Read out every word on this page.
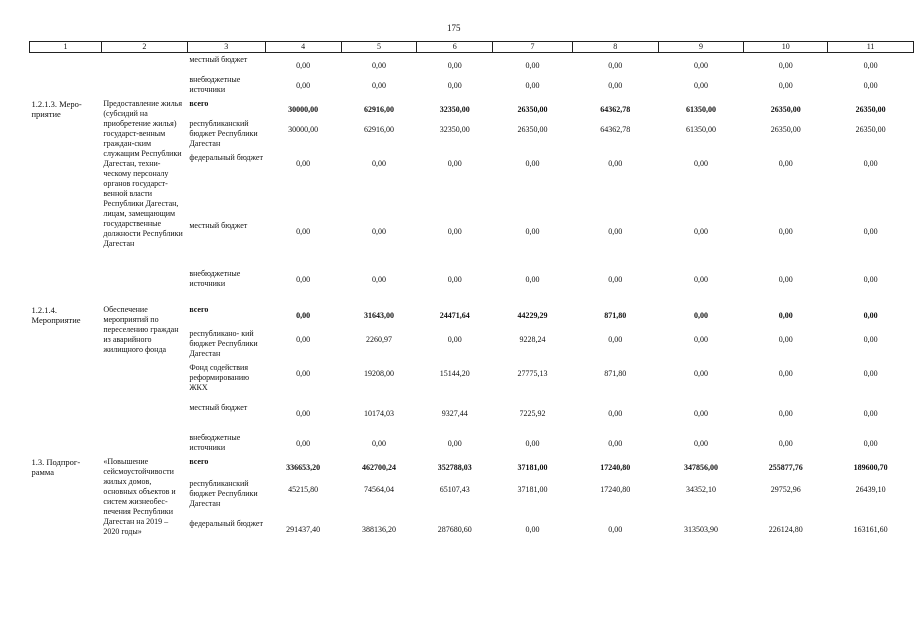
175
1	2	3	4	5	6	7	8	9	10	11
		местный бюджет	0,00	0,00	0,00	0,00	0,00	0,00	0,00	0,00
		внебюджетные источники	0,00	0,00	0,00	0,00	0,00	0,00	0,00	0,00
1.2.1.3. Меро-приятие	Предоставление жилья (субсидий на приобретение жилья) государст-венным граждан-ским служащим Республики Дагестан, техни-ческому персоналу органов государст-венной власти Республики Дагестан, лицам, замещающим государственные должности Республики Дагестан	всего	30000,00	62916,00	32350,00	26350,00	64362,78	61350,00	26350,00	26350,00
		республиканский бюджет Республики Дагестан	30000,00	62916,00	32350,00	26350,00	64362,78	61350,00	26350,00	26350,00
		федеральный бюджет	0,00	0,00	0,00	0,00	0,00	0,00	0,00	0,00
		местный бюджет	0,00	0,00	0,00	0,00	0,00	0,00	0,00	0,00
		внебюджетные источники	0,00	0,00	0,00	0,00	0,00	0,00	0,00	0,00
1.2.1.4. Мероприятие	Обеспечение мероприятий по переселению граждан из аварийного жилищного фонда	всего	0,00	31643,00	24471,64	44229,29	871,80	0,00	0,00	0,00
		республикано- кий бюджет Республики Дагестан	0,00	2260,97	0,00	9228,24	0,00	0,00	0,00	0,00
		Фонд содействия реформированию ЖКХ	0,00	19208,00	15144,20	27775,13	871,80	0,00	0,00	0,00
		местный бюджет	0,00	10174,03	9327,44	7225,92	0,00	0,00	0,00	0,00
		внебюджетные источники	0,00	0,00	0,00	0,00	0,00	0,00	0,00	0,00
1.3. Подпрог-рамма	«Повышение сейсмоустойчивости жилых домов, основных объектов и систем жизнеобес-печения Республики Дагестан на 2019 – 2020 годы»	всего	336653,20	462700,24	352788,03	37181,00	17240,80	347856,00	255877,76	189600,70
		республиканский бюджет Республики Дагестан	45215,80	74564,04	65107,43	37181,00	17240,80	34352,10	29752,96	26439,10
		федеральный бюджет	291437,40	388136,20	287680,60	0,00	0,00	313503,90	226124,80	163161,60
